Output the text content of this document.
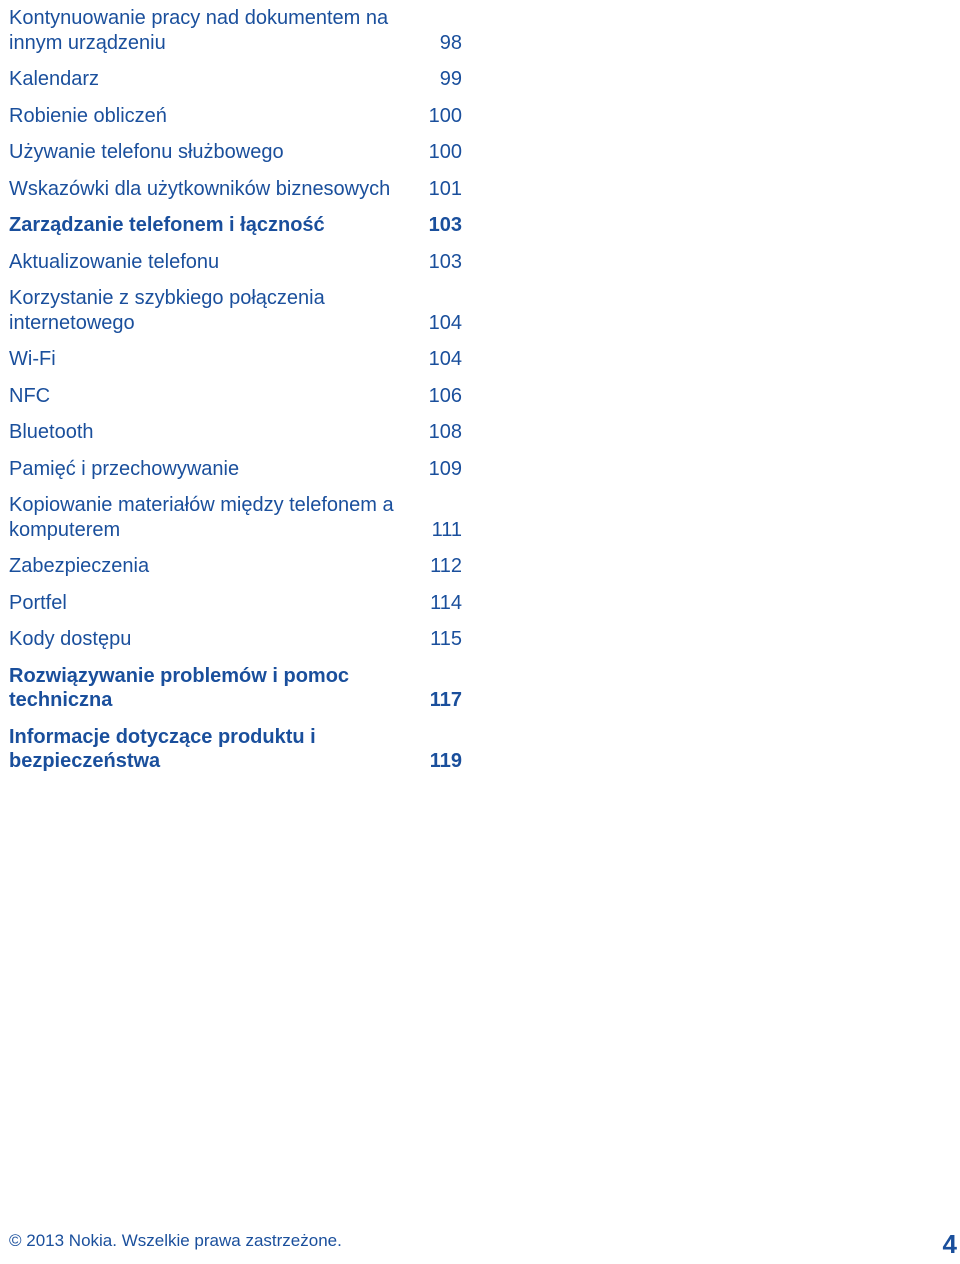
Kontynuowanie pracy nad dokumentem na innym urządzeniu	98
Kalendarz	99
Robienie obliczeń	100
Używanie telefonu służbowego	100
Wskazówki dla użytkowników biznesowych	101
Zarządzanie telefonem i łączność	103
Aktualizowanie telefonu	103
Korzystanie z szybkiego połączenia internetowego	104
Wi-Fi	104
NFC	106
Bluetooth	108
Pamięć i przechowywanie	109
Kopiowanie materiałów między telefonem a komputerem	111
Zabezpieczenia	112
Portfel	114
Kody dostępu	115
Rozwiązywanie problemów i pomoc techniczna	117
Informacje dotyczące produktu i bezpieczeństwa	119
© 2013 Nokia. Wszelkie prawa zastrzeżone.	4
